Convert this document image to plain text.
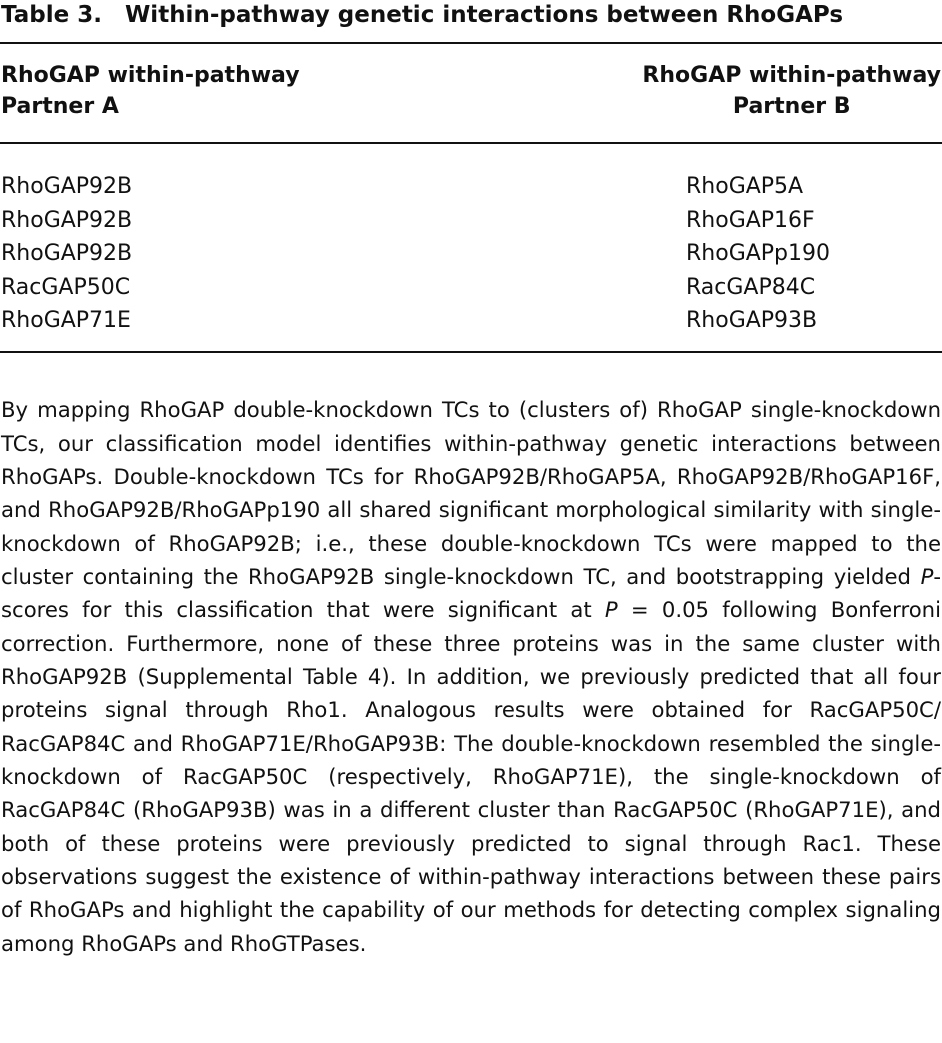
Table 3. Within-pathway genetic interactions between RhoGAPs
RhoGAP within-pathway
Partner A
RhoGAP within-pathway
Partner B
RhoGAP92B	RhoGAP5A
RhoGAP92B	RhoGAP16F
RhoGAP92B	RhoGAPp190
RacGAP50C	RacGAP84C
RhoGAP71E	RhoGAP93B

By mapping RhoGAP double-knockdown TCs to (clusters of) RhoGAP single-knockdown TCs, our classification model identifies within-pathway genetic interactions between RhoGAPs. Double-knockdown TCs for RhoGAP92B/RhoGAP5A, RhoGAP92B/RhoGAP16F, and RhoGAP92B/​RhoGAPp190 all shared significant morphological similarity with single-knockdown of RhoGAP92B; i.e., these double-knockdown TCs were mapped to the cluster containing the RhoGAP92B single-knockdown TC, and bootstrapping yielded P-scores for this classification that were significant at P = 0.05 following Bonferroni correction. Furthermore, none of these three proteins was in the same cluster with RhoGAP92B (Supplemental Table 4). In addition, we previously predicted that all four proteins signal through Rho1. Analogous results were obtained for RacGAP50C/​RacGAP84C and RhoGAP71E/RhoGAP93B: The double-knockdown resembled the single-knockdown of RacGAP50C (respectively, RhoGAP71E), the single-knockdown of RacGAP84C (RhoGAP93B) was in a different cluster than RacGAP50C (RhoGAP71E), and both of these proteins were previously predicted to signal through Rac1. These observations suggest the existence of within-pathway interactions between these pairs of RhoGAPs and highlight the capability of our methods for detecting complex signaling among RhoGAPs and RhoGTPases.
